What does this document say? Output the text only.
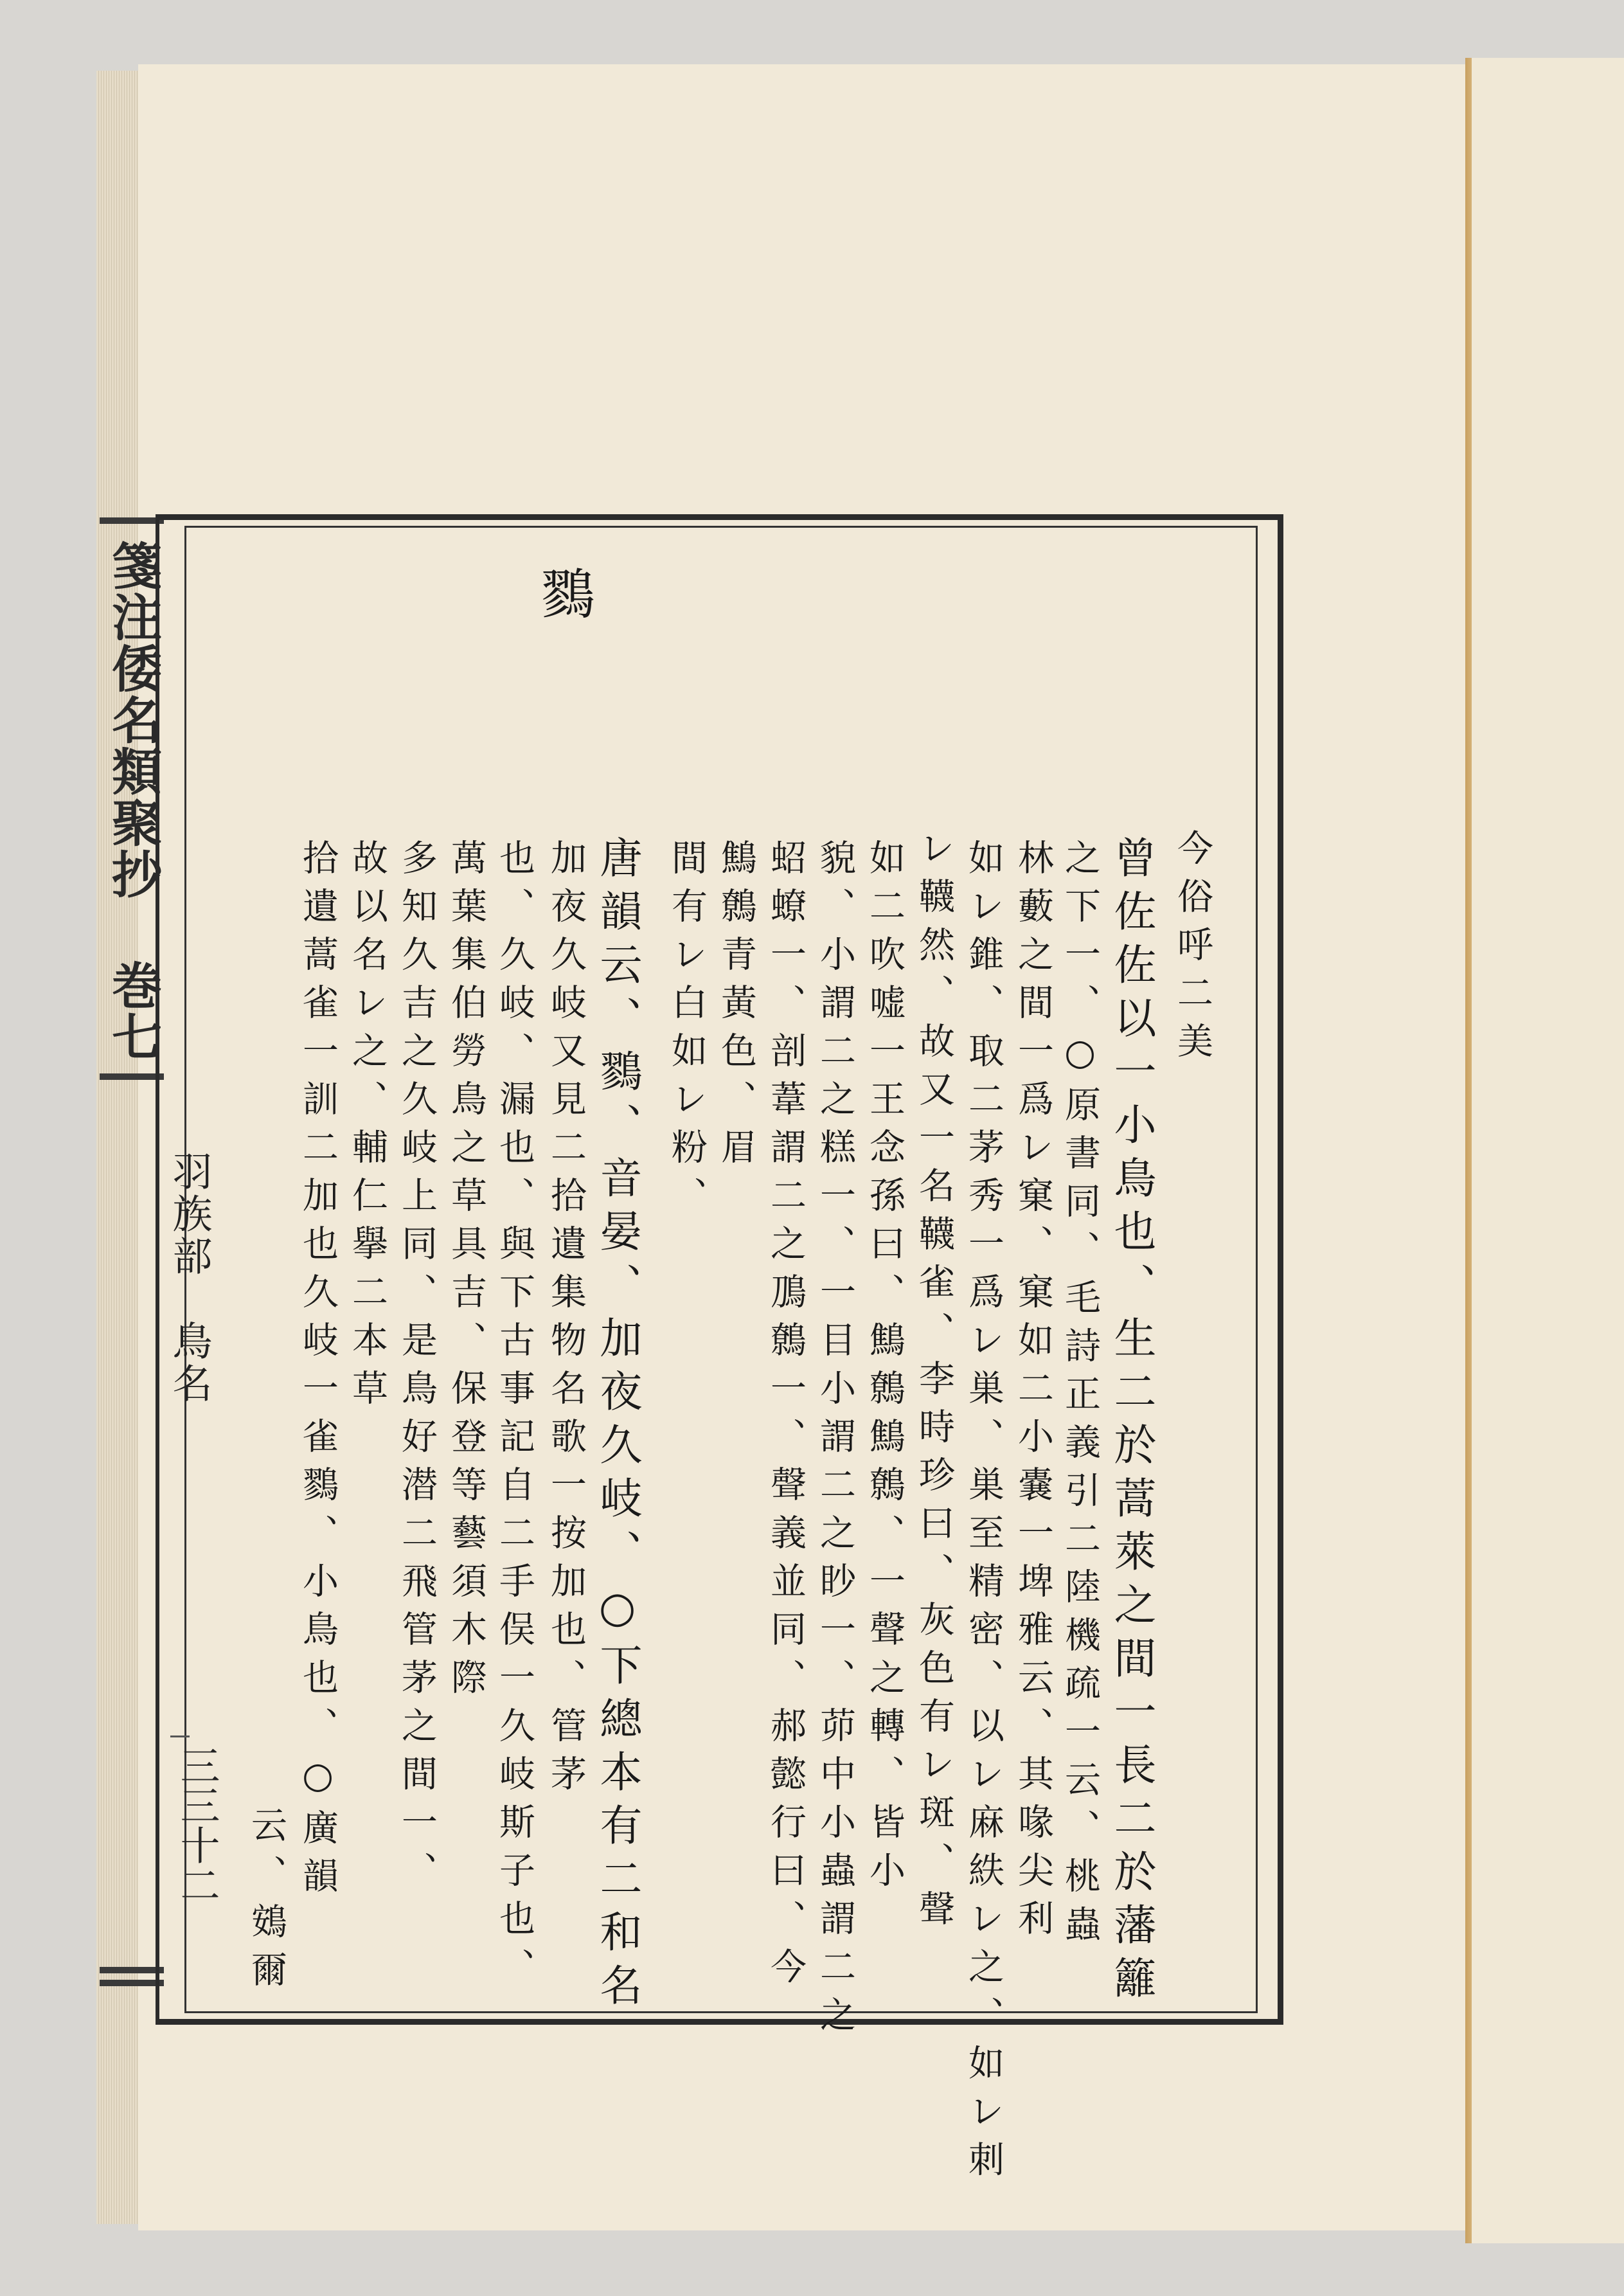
箋注倭名類聚抄 巻七	鷚
今俗呼二美
曾佐佐以一小鳥也、生二於蒿萊之間一長二於藩籬
之下一、○原書同、毛詩正義引二陸機疏一云、桃蟲
林藪之間一爲レ窠、窠如二小嚢一埤雅云、其喙尖利
如レ錐、取二茅秀一爲レ巣、巣至精密、以レ麻紩レ之、如レ刺
レ韈然、故又一名韈雀、李時珍曰、灰色有レ斑、聲
如二吹嘘一王念孫曰、鷦鷯鷦鷯、一聲之轉、皆小
貌、小謂二之糕一、一目小謂二之眇一、茆中小蟲謂二之
蛁蟟一、剖葦謂二之鳭鷯一、聲義並同、郝懿行曰、今
鷦鷯青黃色、眉
間有レ白如レ粉、
唐韻云、鷚、音晏、加夜久岐、○下總本有二和名
加夜久岐又見二拾遺集物名歌一按加也、管茅
也、久岐、漏也、與下古事記自二手俣一久岐斯子也、
萬葉集伯勞鳥之草具吉、保登等藝須木際
多知久吉之久岐上同、是鳥好潜二飛管茅之間一、
故以名レ之、輔仁擧二本草
拾遺蒿雀一訓二加也久岐一雀鷚、小鳥也、○廣韻
云、鴳爾
羽族部　鳥名
三三十二
